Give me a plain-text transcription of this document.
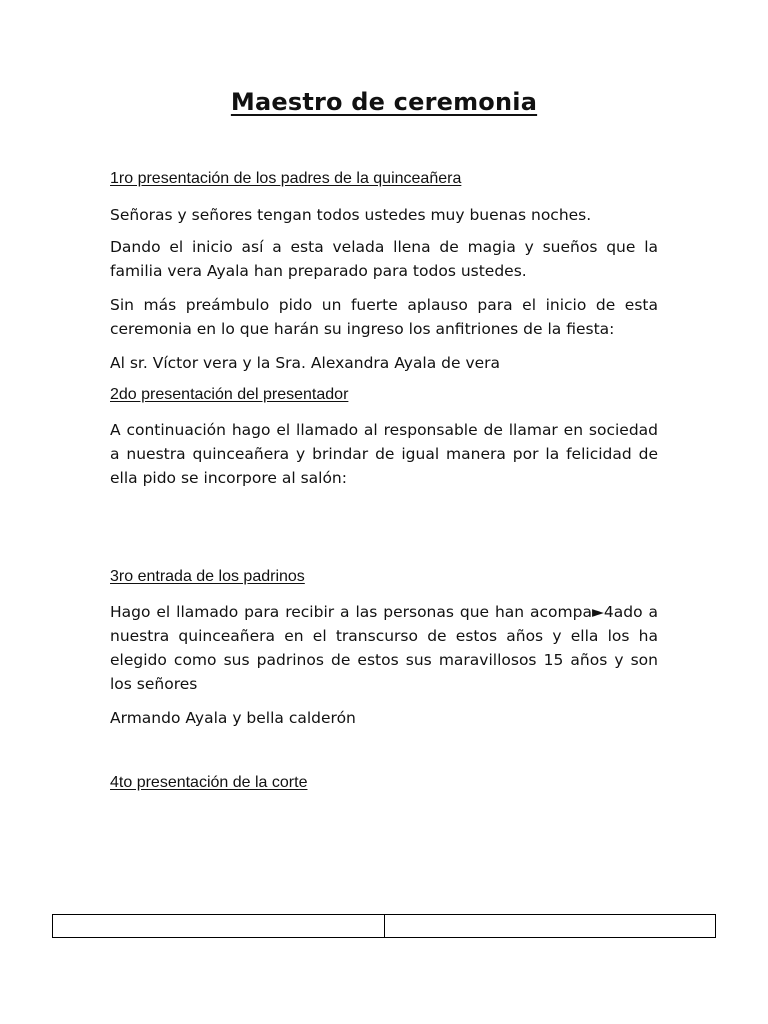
Maestro de ceremonia
1ro presentación de los padres de la quinceañera
Señoras y señores tengan todos ustedes muy buenas noches.
Dando el inicio así a esta velada llena de magia y sueños que la familia vera Ayala han preparado para todos ustedes.
Sin más preámbulo pido un fuerte aplauso para el inicio de esta ceremonia en lo que harán su ingreso los anfitriones de la fiesta:
Al sr. Víctor vera y la Sra. Alexandra Ayala de vera
2do presentación del presentador
A continuación hago el llamado al responsable de llamar en sociedad a nuestra quinceañera y brindar de igual manera por la felicidad de ella pido se incorpore al salón:
3ro entrada de los padrinos
Hago el llamado para recibir a las personas que han acompa►4ado a nuestra quinceañera en el transcurso de estos años y ella los ha elegido como sus padrinos de estos sus maravillosos 15 años y son los señores
Armando Ayala y bella calderón
4to presentación de la corte
